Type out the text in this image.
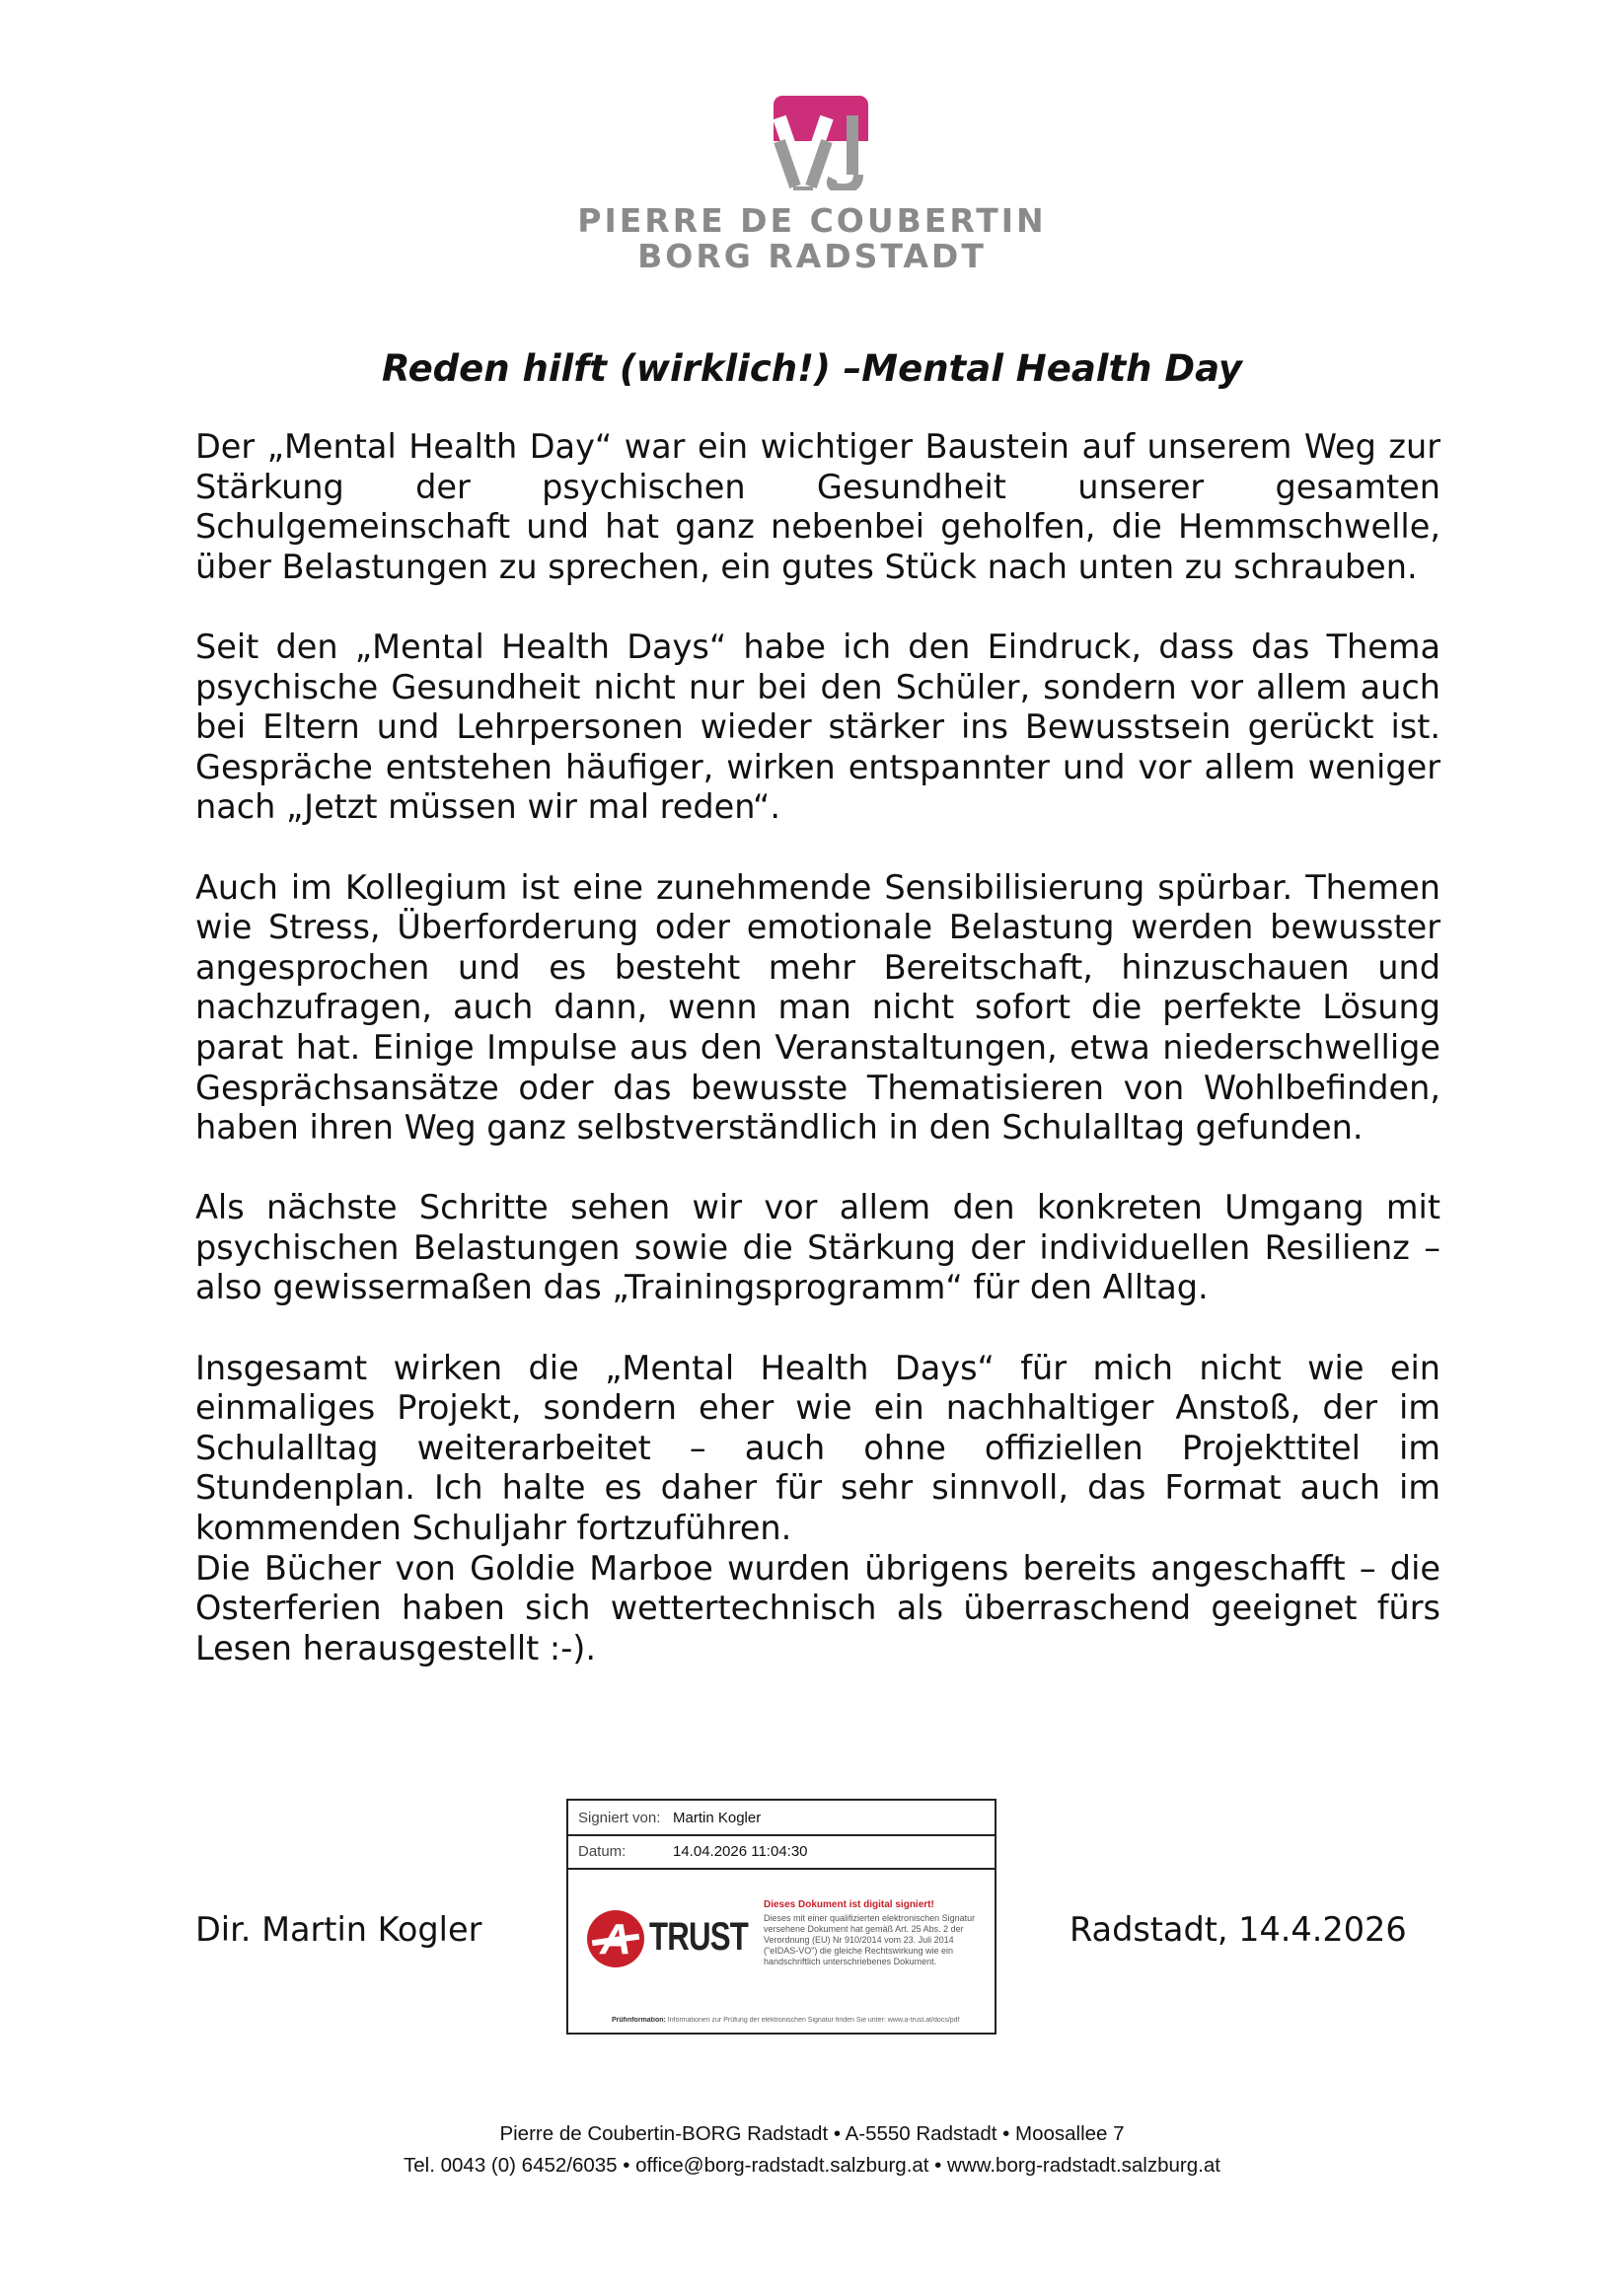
PIERRE DE COUBERTIN
BORG RADSTADT
Reden hilft (wirklich!) –Mental Health Day

Der „Mental Health Day“ war ein wichtiger Baustein auf unserem Weg zur Stärkung der psychischen Gesundheit unserer gesamten Schulgemeinschaft und hat ganz nebenbei geholfen, die Hemmschwelle, über Belastungen zu sprechen, ein gutes Stück nach unten zu schrauben.

Seit den „Mental Health Days“ habe ich den Eindruck, dass das Thema psychische Gesundheit nicht nur bei den Schüler, sondern vor allem auch bei Eltern und Lehrpersonen wieder stärker ins Bewusstsein gerückt ist. Gespräche entstehen häufiger, wirken entspannter und vor allem weniger nach „Jetzt müssen wir mal reden“.

Auch im Kollegium ist eine zunehmende Sensibilisierung spürbar. Themen wie Stress, Überforderung oder emotionale Belastung werden bewusster angesprochen und es besteht mehr Bereitschaft, hinzuschauen und nachzufragen, auch dann, wenn man nicht sofort die perfekte Lösung parat hat. Einige Impulse aus den Veranstaltungen, etwa niederschwellige Gesprächsansätze oder das bewusste Thematisieren von Wohlbefinden, haben ihren Weg ganz selbstverständlich in den Schulalltag gefunden.

Als nächste Schritte sehen wir vor allem den konkreten Umgang mit psychischen Belastungen sowie die Stärkung der individuellen Resilienz – also gewissermaßen das „Trainingsprogramm“ für den Alltag.

Insgesamt wirken die „Mental Health Days“ für mich nicht wie ein einmaliges Projekt, sondern eher wie ein nachhaltiger Anstoß, der im Schulalltag weiterarbeitet – auch ohne offiziellen Projekttitel im Stundenplan. Ich halte es daher für sehr sinnvoll, das Format auch im kommenden Schuljahr fortzuführen.

Die Bücher von Goldie Marboe wurden übrigens bereits angeschafft – die Osterferien haben sich wettertechnisch als überraschend geeignet fürs Lesen herausgestellt :-).

Dir. Martin Kogler	Radstadt, 14.4.2026
Signiert von: Martin Kogler
Datum:	14.04.2026 11:04:30
TRUST
Dieses Dokument ist digital signiert!
Dieses mit einer qualifizierten elektronischen Signatur versehene Dokument hat gemäß Art. 25 Abs. 2 der Verordnung (EU) Nr 910/2014 vom 23. Juli 2014 ("eIDAS-VO") die gleiche Rechtswirkung wie ein handschriftlich unterschriebenes Dokument.
Prüfinformation: Informationen zur Prüfung der elektronischen Signatur finden Sie unter: www.a-trust.at/docs/pdf
Pierre de Coubertin-BORG Radstadt • A-5550 Radstadt • Moosallee 7
Tel. 0043 (0) 6452/6035 • office@borg-radstadt.salzburg.at • www.borg-radstadt.salzburg.at
